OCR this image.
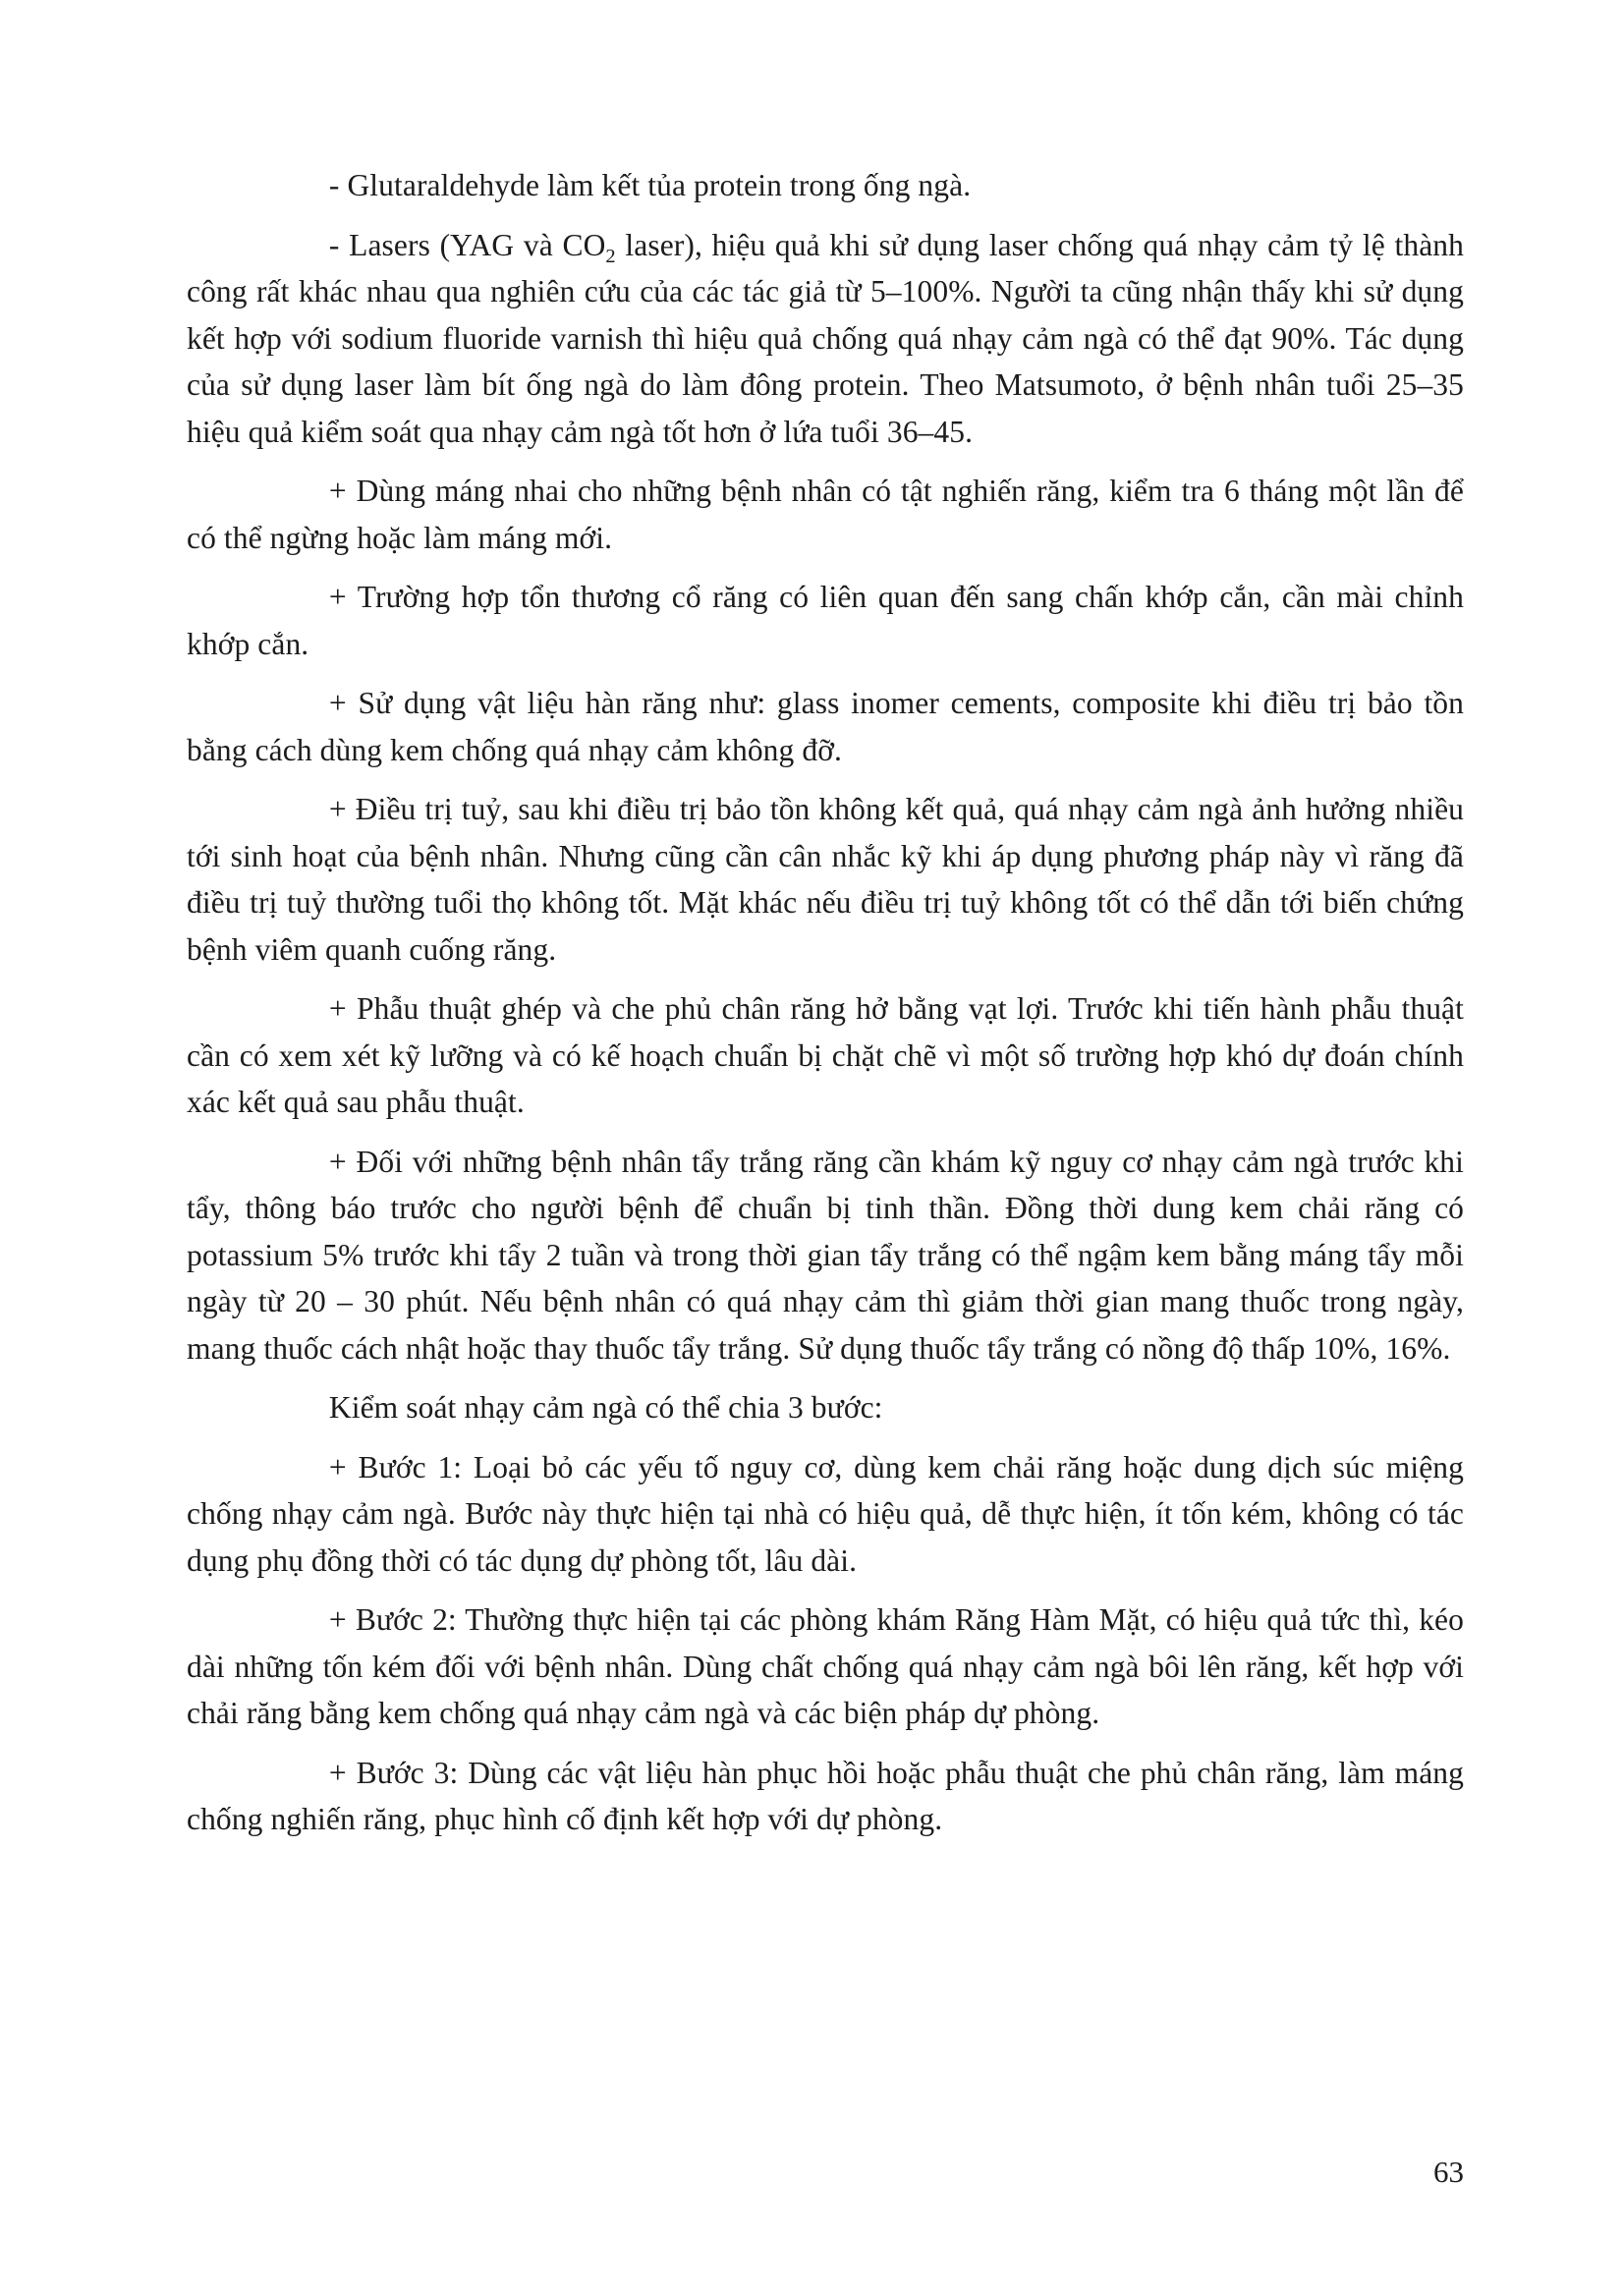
- Glutaraldehyde làm kết tủa protein trong ống ngà.

- Lasers (YAG và $CO_2$ laser), hiệu quả khi sử dụng laser chống quá nhạy cảm tỷ lệ thành công rất khác nhau qua nghiên cứu của các tác giả từ 5–100%. Người ta cũng nhận thấy khi sử dụng kết hợp với sodium fluoride varnish thì hiệu quả chống quá nhạy cảm ngà có thể đạt 90%. Tác dụng của sử dụng laser làm bít ống ngà do làm đông protein. Theo Matsumoto, ở bệnh nhân tuổi 25–35 hiệu quả kiểm soát qua nhạy cảm ngà tốt hơn ở lứa tuổi 36–45.

+ Dùng máng nhai cho những bệnh nhân có tật nghiến răng, kiểm tra 6 tháng một lần để có thể ngừng hoặc làm máng mới.

+ Trường hợp tổn thương cổ răng có liên quan đến sang chấn khớp cắn, cần mài chỉnh khớp cắn.

+ Sử dụng vật liệu hàn răng như: glass inomer cements, composite khi điều trị bảo tồn bằng cách dùng kem chống quá nhạy cảm không đỡ.

+ Điều trị tuỷ, sau khi điều trị bảo tồn không kết quả, quá nhạy cảm ngà ảnh hưởng nhiều tới sinh hoạt của bệnh nhân. Nhưng cũng cần cân nhắc kỹ khi áp dụng phương pháp này vì răng đã điều trị tuỷ thường tuổi thọ không tốt. Mặt khác nếu điều trị tuỷ không tốt có thể dẫn tới biến chứng bệnh viêm quanh cuống răng.

+ Phẫu thuật ghép và che phủ chân răng hở bằng vạt lợi. Trước khi tiến hành phẫu thuật cần có xem xét kỹ lưỡng và có kế hoạch chuẩn bị chặt chẽ vì một số trường hợp khó dự đoán chính xác kết quả sau phẫu thuật.

+ Đối với những bệnh nhân tẩy trắng răng cần khám kỹ nguy cơ nhạy cảm ngà trước khi tẩy, thông báo trước cho người bệnh để chuẩn bị tinh thần. Đồng thời dung kem chải răng có potassium 5% trước khi tẩy 2 tuần và trong thời gian tẩy trắng có thể ngậm kem bằng máng tẩy mỗi ngày từ 20 – 30 phút. Nếu bệnh nhân có quá nhạy cảm thì giảm thời gian mang thuốc trong ngày, mang thuốc cách nhật hoặc thay thuốc tẩy trắng. Sử dụng thuốc tẩy trắng có nồng độ thấp 10%, 16%.

Kiểm soát nhạy cảm ngà có thể chia 3 bước:

+ Bước 1: Loại bỏ các yếu tố nguy cơ, dùng kem chải răng hoặc dung dịch súc miệng chống nhạy cảm ngà. Bước này thực hiện tại nhà có hiệu quả, dễ thực hiện, ít tốn kém, không có tác dụng phụ đồng thời có tác dụng dự phòng tốt, lâu dài.

+ Bước 2: Thường thực hiện tại các phòng khám Răng Hàm Mặt, có hiệu quả tức thì, kéo dài những tốn kém đối với bệnh nhân. Dùng chất chống quá nhạy cảm ngà bôi lên răng, kết hợp với chải răng bằng kem chống quá nhạy cảm ngà và các biện pháp dự phòng.

+ Bước 3: Dùng các vật liệu hàn phục hồi hoặc phẫu thuật che phủ chân răng, làm máng chống nghiến răng, phục hình cố định kết hợp với dự phòng.

63
